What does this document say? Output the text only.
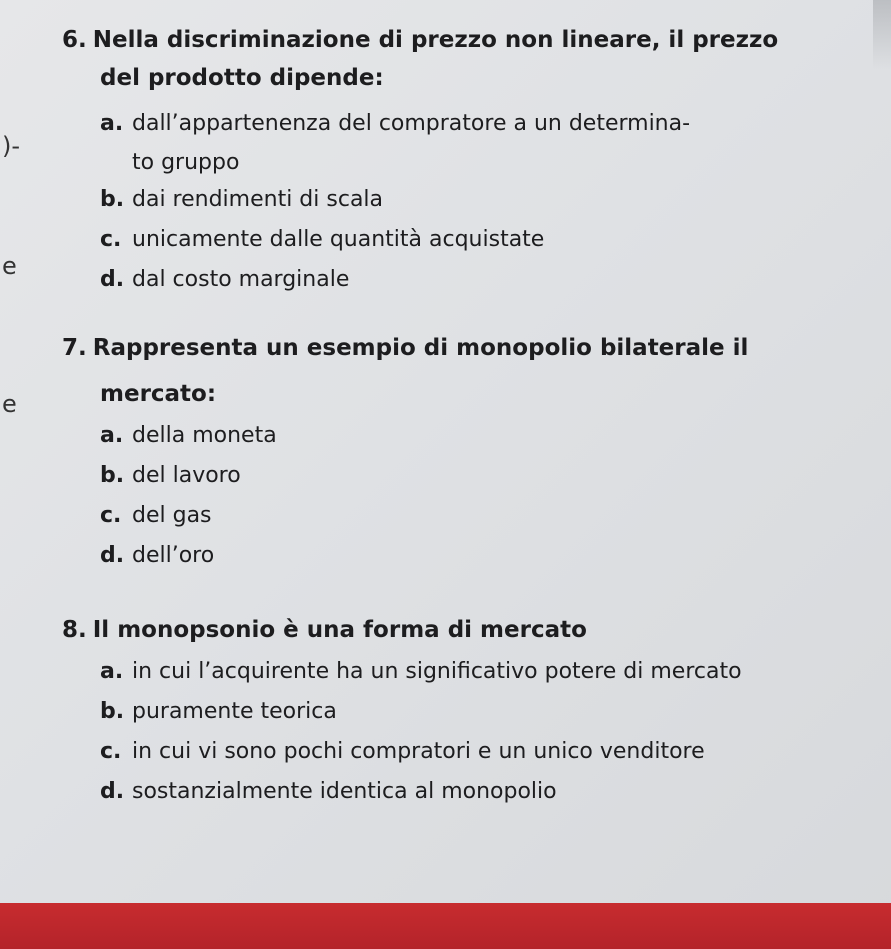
)-
e
e

6. Nella discriminazione di prezzo non lineare, il prezzo

del prodotto dipende:

a. dall’appartenenza del compratore a un determina-
to gruppo
b. dai rendimenti di scala
c. unicamente dalle quantità acquistate
d. dal costo marginale

7. Rappresenta un esempio di monopolio bilaterale il

mercato:

a. della moneta
b. del lavoro
c. del gas
d. dell’oro

8. Il monopsonio è una forma di mercato

a. in cui l’acquirente ha un significativo potere di mercato
b. puramente teorica
c. in cui vi sono pochi compratori e un unico venditore
d. sostanzialmente identica al monopolio
